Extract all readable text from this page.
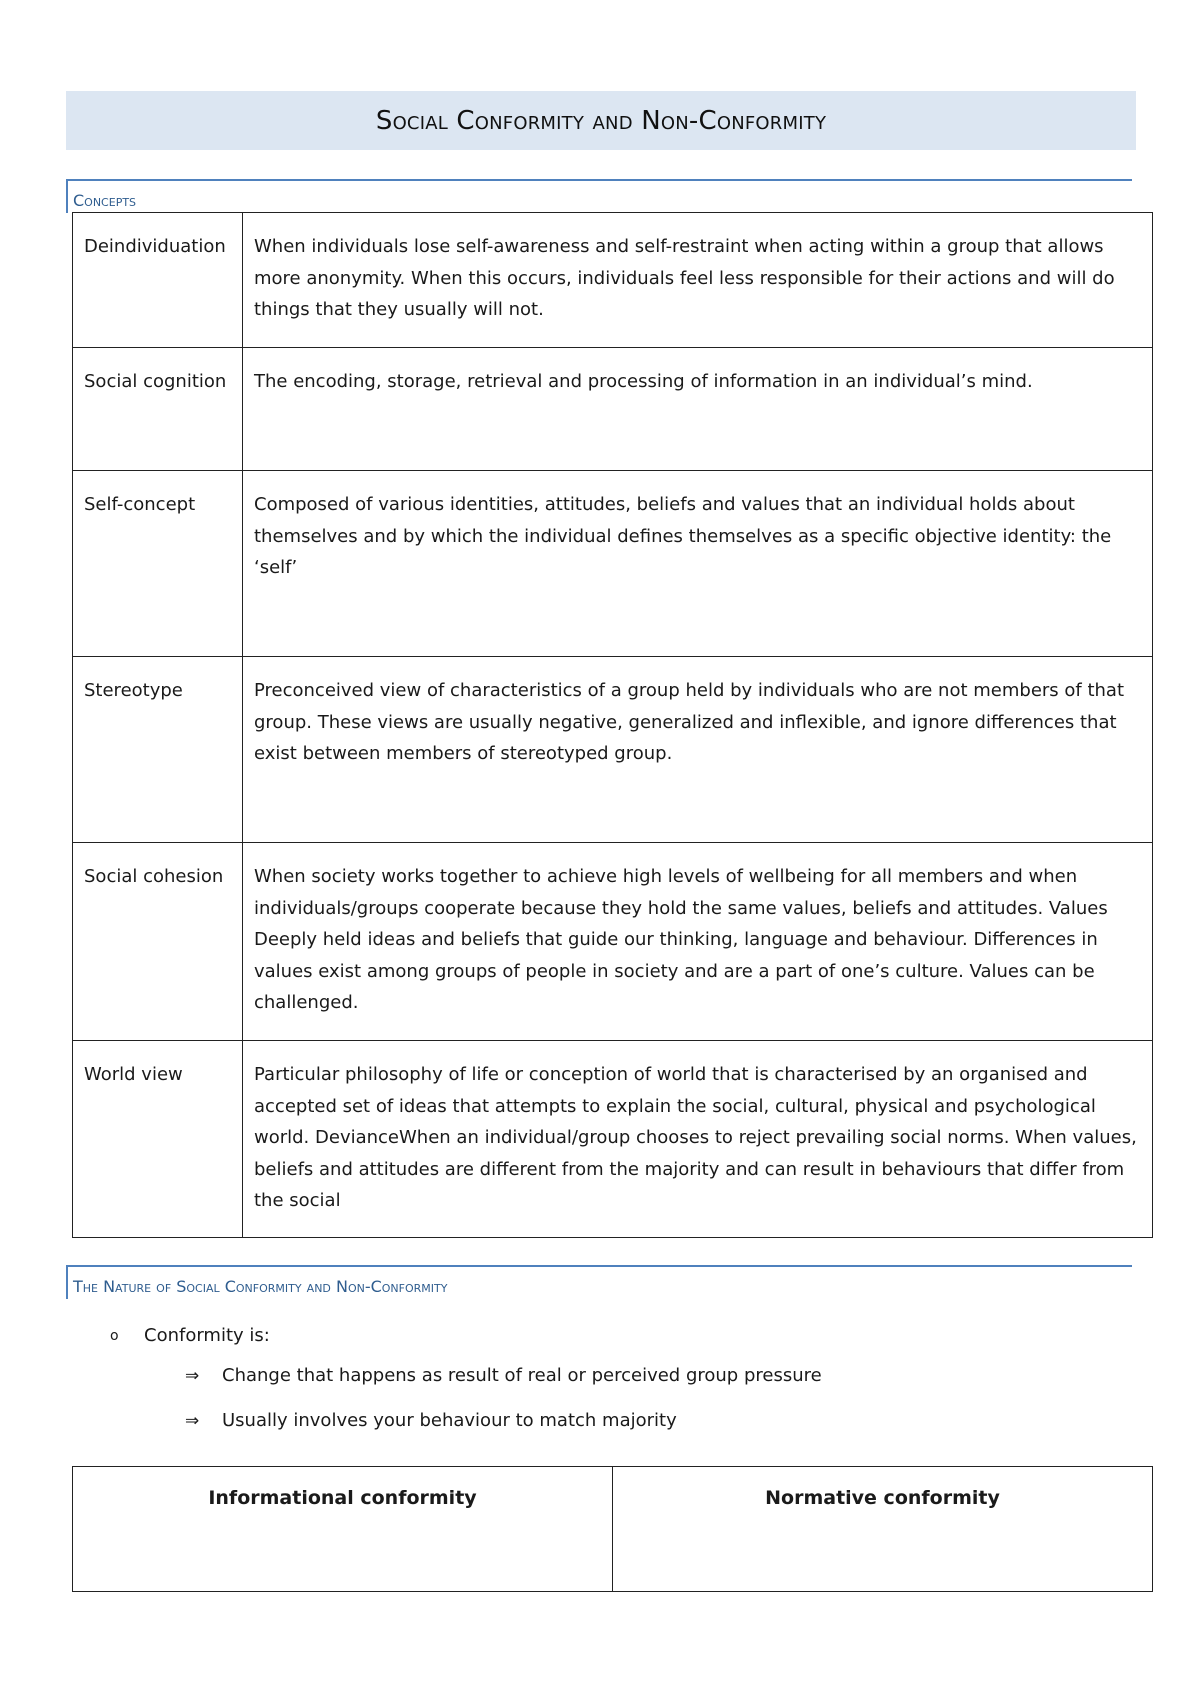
Social Conformity and Non-Conformity
Concepts
Deindividuation	When individuals lose self-awareness and self-restraint when acting within a group that allows more anonymity. When this occurs, individuals feel less responsible for their actions and will do things that they usually will not.
Social cognition	The encoding, storage, retrieval and processing of information in an individual’s mind.
Self-concept	Composed of various identities, attitudes, beliefs and values that an individual holds about themselves and by which the individual defines themselves as a specific objective identity: the ‘self’
Stereotype	Preconceived view of characteristics of a group held by individuals who are not members of that group. These views are usually negative, generalized and inflexible, and ignore differences that exist between members of stereotyped group.
Social cohesion	When society works together to achieve high levels of wellbeing for all members and when individuals/groups cooperate because they hold the same values, beliefs and attitudes. Values Deeply held ideas and beliefs that guide our thinking, language and behaviour. Differences in values exist among groups of people in society and are a part of one’s culture. Values can be challenged.
World view	Particular philosophy of life or conception of world that is characterised by an organised and accepted set of ideas that attempts to explain the social, cultural, physical and psychological world. DevianceWhen an individual/group chooses to reject prevailing social norms. When values, beliefs and attitudes are different from the majority and can result in behaviours that differ from the social
The Nature of Social Conformity and Non-Conformity
o	Conformity is:
⇒	Change that happens as result of real or perceived group pressure
⇒	Usually involves your behaviour to match majority
Informational conformity	Normative conformity
